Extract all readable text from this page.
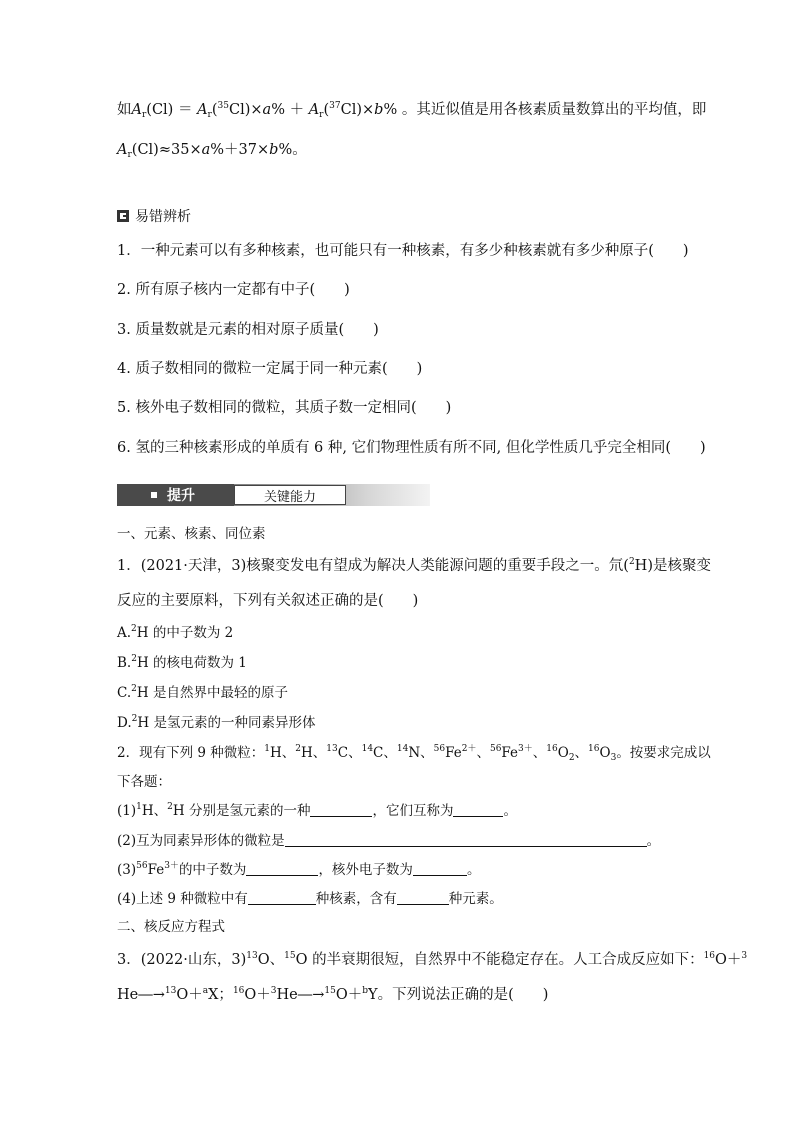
如$A_r(Cl) = A_r(^{35}Cl)\times a\% + A_r(^{37}Cl)\times b\%$ 。其近似值是用各核素质量数算出的平均值，即
$A_r(Cl)\approx 35\times a\%+37\times b\%$。
易错辨析
1．一种元素可以有多种核素，也可能只有一种核素，有多少种核素就有多少种原子(　　)
2. 所有原子核内一定都有中子(　　)
3. 质量数就是元素的相对原子质量(　　)
4. 质子数相同的微粒一定属于同一种元素(　　)
5. 核外电子数相同的微粒，其质子数一定相同(　　)
6. 氢的三种核素形成的单质有 6 种, 它们物理性质有所不同, 但化学性质几乎完全相同(　　)
提升	关键能力
一、元素、核素、同位素
1．(2021·天津，3)核聚变发电有望成为解决人类能源问题的重要手段之一。氘($^2$H)是核聚变
反应的主要原料，下列有关叙述正确的是(　　)
A.$^2$H 的中子数为 2
B.$^2$H 的核电荷数为 1
C.$^2$H 是自然界中最轻的原子
D.$^2$H 是氢元素的一种同素异形体
2．现有下列 9 种微粒：$^1$H、$^2$H、$^{13}$C、$^{14}$C、$^{14}$N、$^{56}Fe^{2+}$、$^{56}Fe^{3+}$、$^{16}O_2$、$^{16}O_3$。按要求完成以
下各题：
$(1)^1H$、$^2$H 分别是氢元素的一种	，它们互称为	。
(2)互为同素异形体的微粒是	。
$(3)^{56}Fe^{3+}$的中子数为	，核外电子数为	。
(4)上述 9 种微粒中有	种核素，含有	种元素。
二、核反应方程式
3．(2022·山东，3)$^{13}$O、$^{15}$O 的半衰期很短，自然界中不能稳定存在。人工合成反应如下：$^{16}$O＋$^3$
He―→$^{13}$O＋$^a$X；$^{16}$O＋$^3$He―→$^{15}$O＋$^b$Y。下列说法正确的是(　　)
